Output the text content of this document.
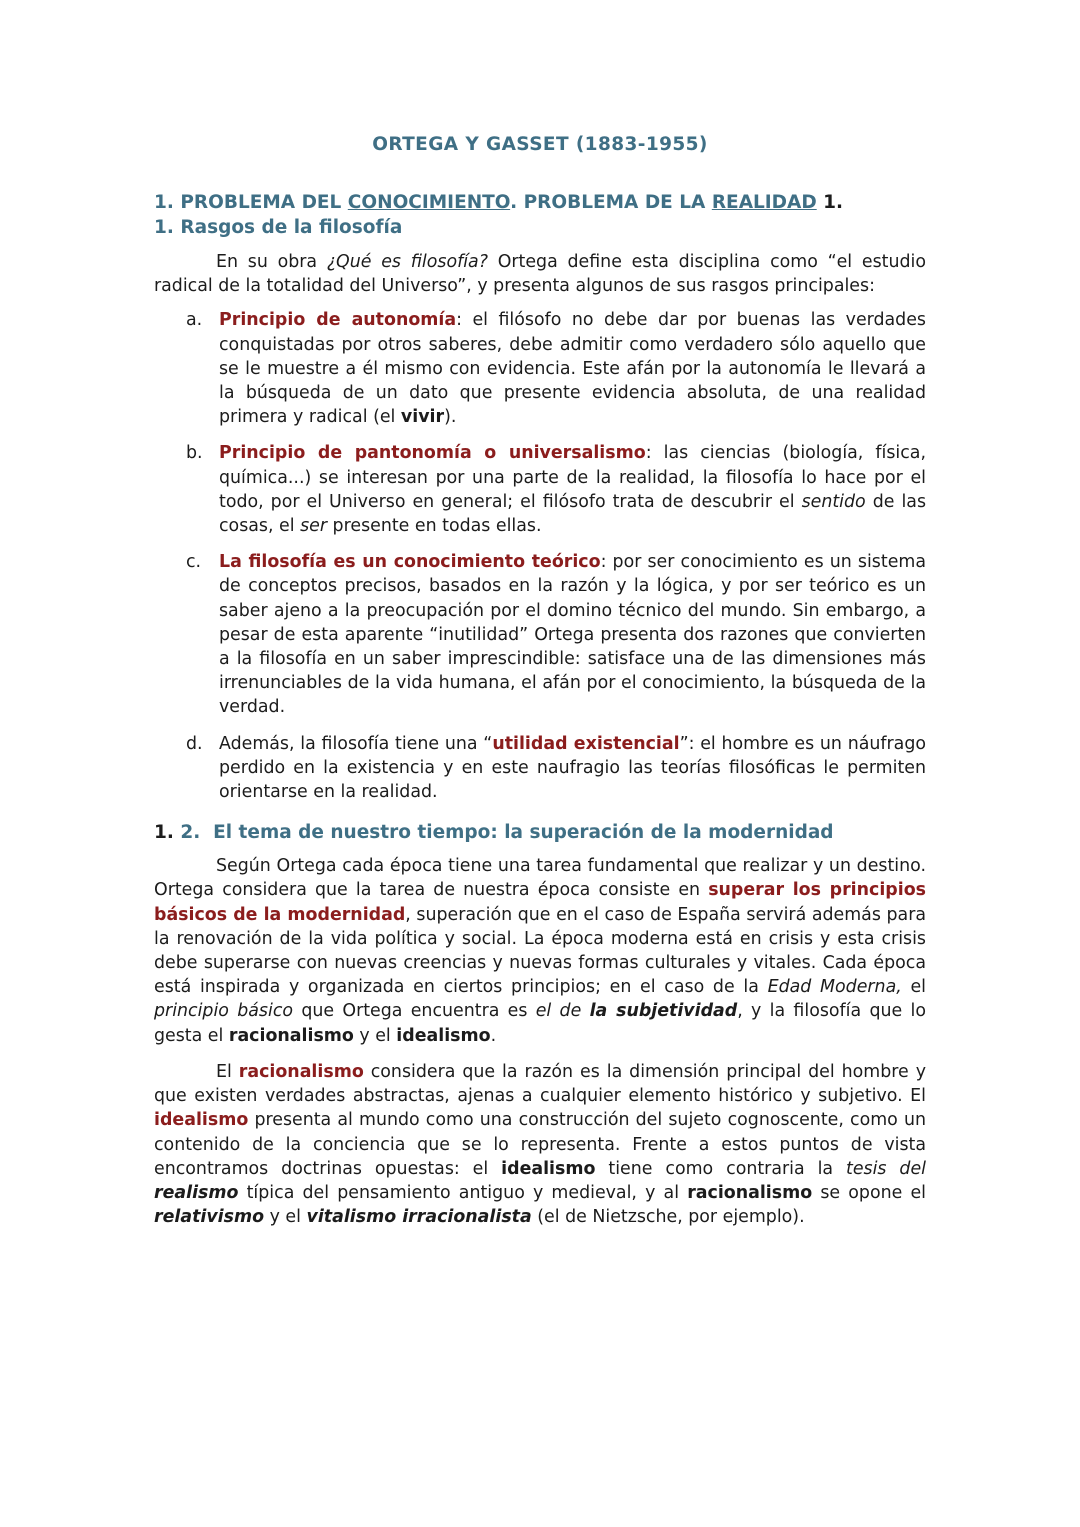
ORTEGA Y GASSET (1883-1955)
1. PROBLEMA DEL CONOCIMIENTO. PROBLEMA DE LA REALIDAD 1.
1. Rasgos de la filosofía

En su obra ¿Qué es filosofía? Ortega define esta disciplina como “el estudio radical de la totalidad del Universo”, y presenta algunos de sus rasgos principales:

a. Principio de autonomía: el filósofo no debe dar por buenas las verdades conquistadas por otros saberes, debe admitir como verdadero sólo aquello que se le muestre a él mismo con evidencia. Este afán por la autonomía le llevará a la búsqueda de un dato que presente evidencia absoluta, de una realidad primera y radical (el vivir).
b. Principio de pantonomía o universalismo: las ciencias (biología, física, química...) se interesan por una parte de la realidad, la filosofía lo hace por el todo, por el Universo en general; el filósofo trata de descubrir el sentido de las cosas, el ser presente en todas ellas.
c. La filosofía es un conocimiento teórico: por ser conocimiento es un sistema de conceptos precisos, basados en la razón y la lógica, y por ser teórico es un saber ajeno a la preocupación por el domino técnico del mundo. Sin embargo, a pesar de esta aparente “inutilidad” Ortega presenta dos razones que convierten a la filosofía en un saber imprescindible: satisface una de las dimensiones más irrenunciables de la vida humana, el afán por el conocimiento, la búsqueda de la verdad.
d. Además, la filosofía tiene una “utilidad existencial”: el hombre es un náufrago perdido en la existencia y en este naufragio las teorías filosóficas le permiten orientarse en la realidad.
1. 2. El tema de nuestro tiempo: la superación de la modernidad

Según Ortega cada época tiene una tarea fundamental que realizar y un destino. Ortega considera que la tarea de nuestra época consiste en superar los principios básicos de la modernidad, superación que en el caso de España servirá además para la renovación de la vida política y social. La época moderna está en crisis y esta crisis debe superarse con nuevas creencias y nuevas formas culturales y vitales. Cada época está inspirada y organizada en ciertos principios; en el caso de la Edad Moderna, el principio básico que Ortega encuentra es el de la subjetividad, y la filosofía que lo gesta el racionalismo y el idealismo.

El racionalismo considera que la razón es la dimensión principal del hombre y que existen verdades abstractas, ajenas a cualquier elemento histórico y subjetivo. El idealismo presenta al mundo como una construcción del sujeto cognoscente, como un contenido de la conciencia que se lo representa. Frente a estos puntos de vista encontramos doctrinas opuestas: el idealismo tiene como contraria la tesis del realismo típica del pensamiento antiguo y medieval, y al racionalismo se opone el relativismo y el vitalismo irracionalista (el de Nietzsche, por ejemplo).
